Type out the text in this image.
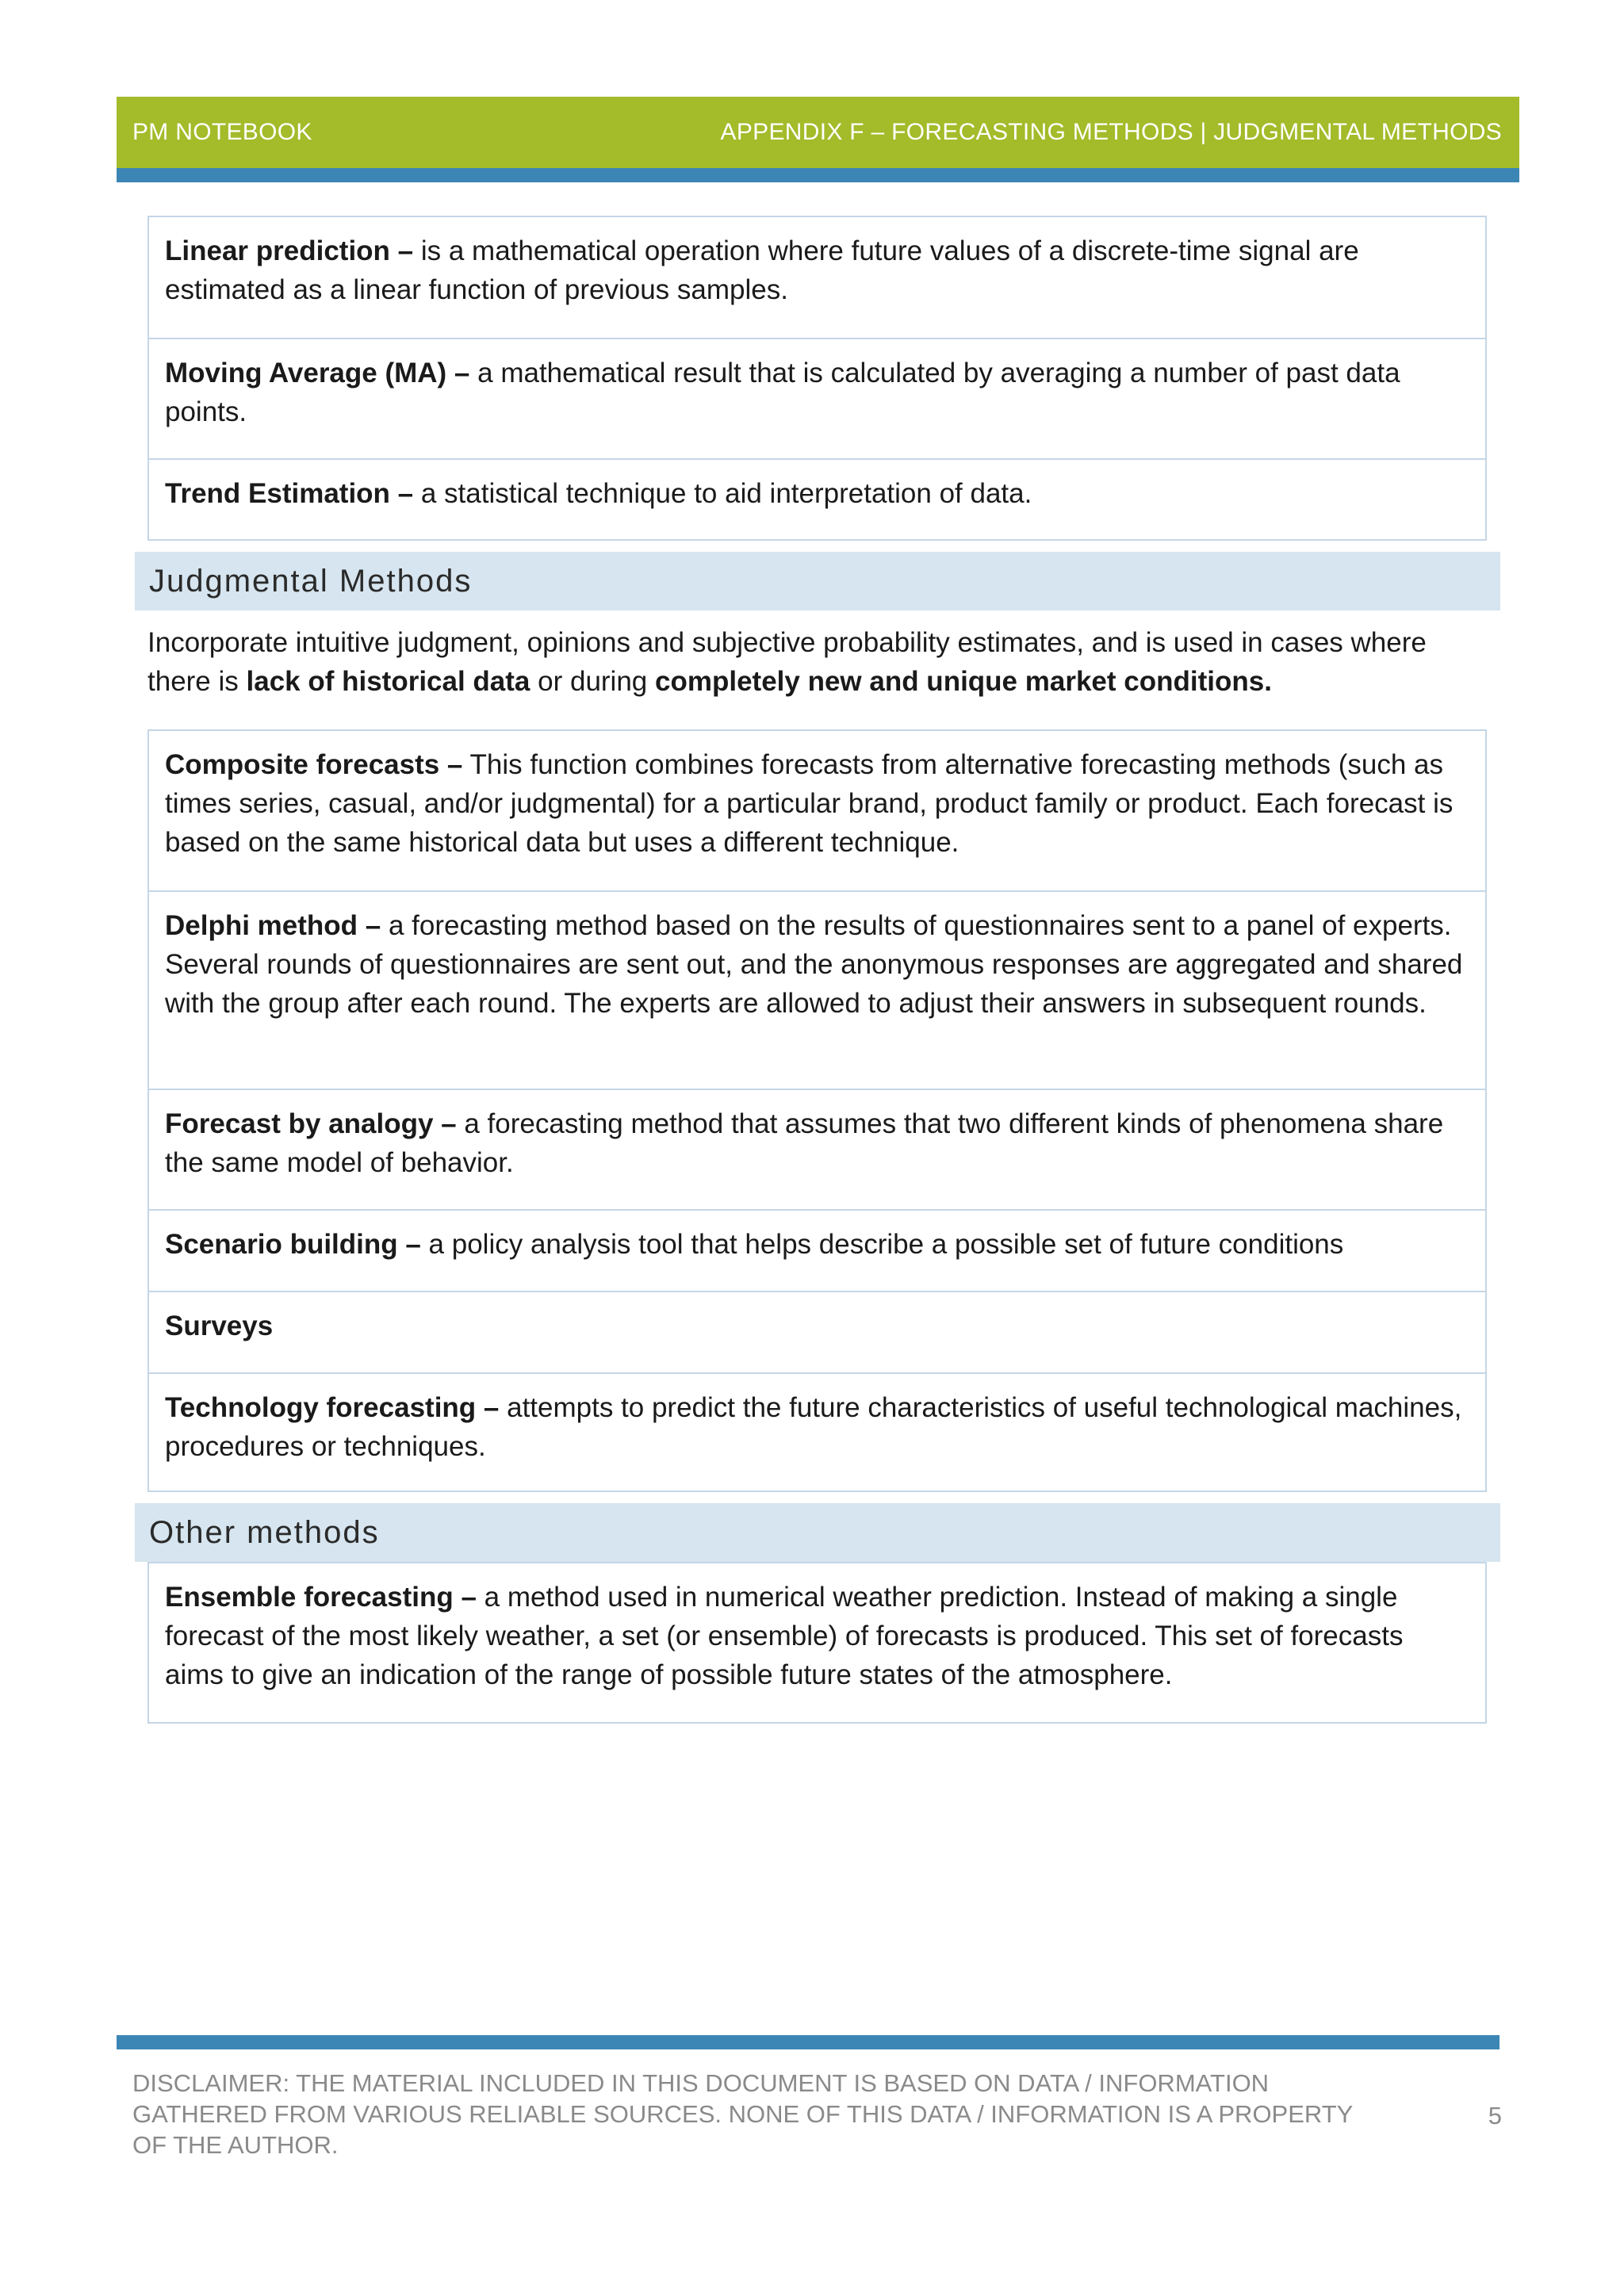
PM NOTEBOOK	APPENDIX F – FORECASTING METHODS | JUDGMENTAL METHODS
Linear prediction – is a mathematical operation where future values of a discrete-time signal are estimated as a linear function of previous samples.
Moving Average (MA) – a mathematical result that is calculated by averaging a number of past data points.
Trend Estimation – a statistical technique to aid interpretation of data.
Judgmental Methods
Incorporate intuitive judgment, opinions and subjective probability estimates, and is used in cases where there is lack of historical data or during completely new and unique market conditions.
Composite forecasts – This function combines forecasts from alternative forecasting methods (such as times series, casual, and/or judgmental) for a particular brand, product family or product. Each forecast is based on the same historical data but uses a different technique.
Delphi method – a forecasting method based on the results of questionnaires sent to a panel of experts. Several rounds of questionnaires are sent out, and the anonymous responses are aggregated and shared with the group after each round. The experts are allowed to adjust their answers in subsequent rounds.
Forecast by analogy – a forecasting method that assumes that two different kinds of phenomena share the same model of behavior.
Scenario building – a policy analysis tool that helps describe a possible set of future conditions
Surveys
Technology forecasting – attempts to predict the future characteristics of useful technological machines, procedures or techniques.
Other methods
Ensemble forecasting – a method used in numerical weather prediction. Instead of making a single forecast of the most likely weather, a set (or ensemble) of forecasts is produced. This set of forecasts aims to give an indication of the range of possible future states of the atmosphere.
DISCLAIMER: THE MATERIAL INCLUDED IN THIS DOCUMENT IS BASED ON DATA / INFORMATION GATHERED FROM VARIOUS RELIABLE SOURCES. NONE OF THIS DATA / INFORMATION IS A PROPERTY OF THE AUTHOR.
5
